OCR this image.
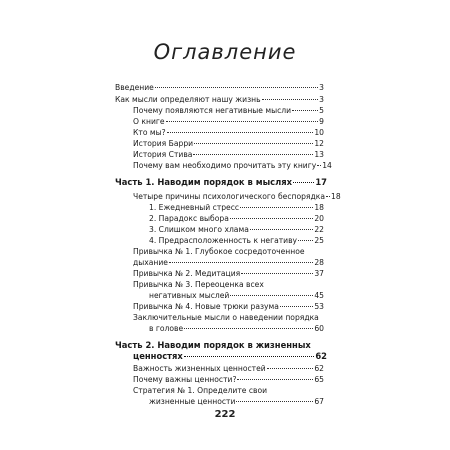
Оглавление
Введение	3
Как мысли определяют нашу жизнь	3
Почему появляются негативные мысли	5
О книге	9
Кто мы?	10
История Барри	12
История Стива	13
Почему вам необходимо прочитать эту книгу 14
Часть 1. Наводим порядок в мыслях	17
Четыре причины психологического беспорядка 18
1. Ежедневный стресс	18
2. Парадокс выбора	20
3. Слишком много хлама	22
4. Предрасположенность к негативу 25
Привычка № 1. Глубокое сосредоточенное
дыхание	28
Привычка № 2. Медитация	37
Привычка № 3. Переоценка всех
негативных мыслей	45
Привычка № 4. Новые трюки разума	53
Заключительные мысли о наведении порядка
в голове	60
Часть 2. Наводим порядок в жизненных
ценностях	62
Важность жизненных ценностей	62
Почему важны ценности?	65
Стратегия № 1. Определите свои
жизненные ценности	67
222
